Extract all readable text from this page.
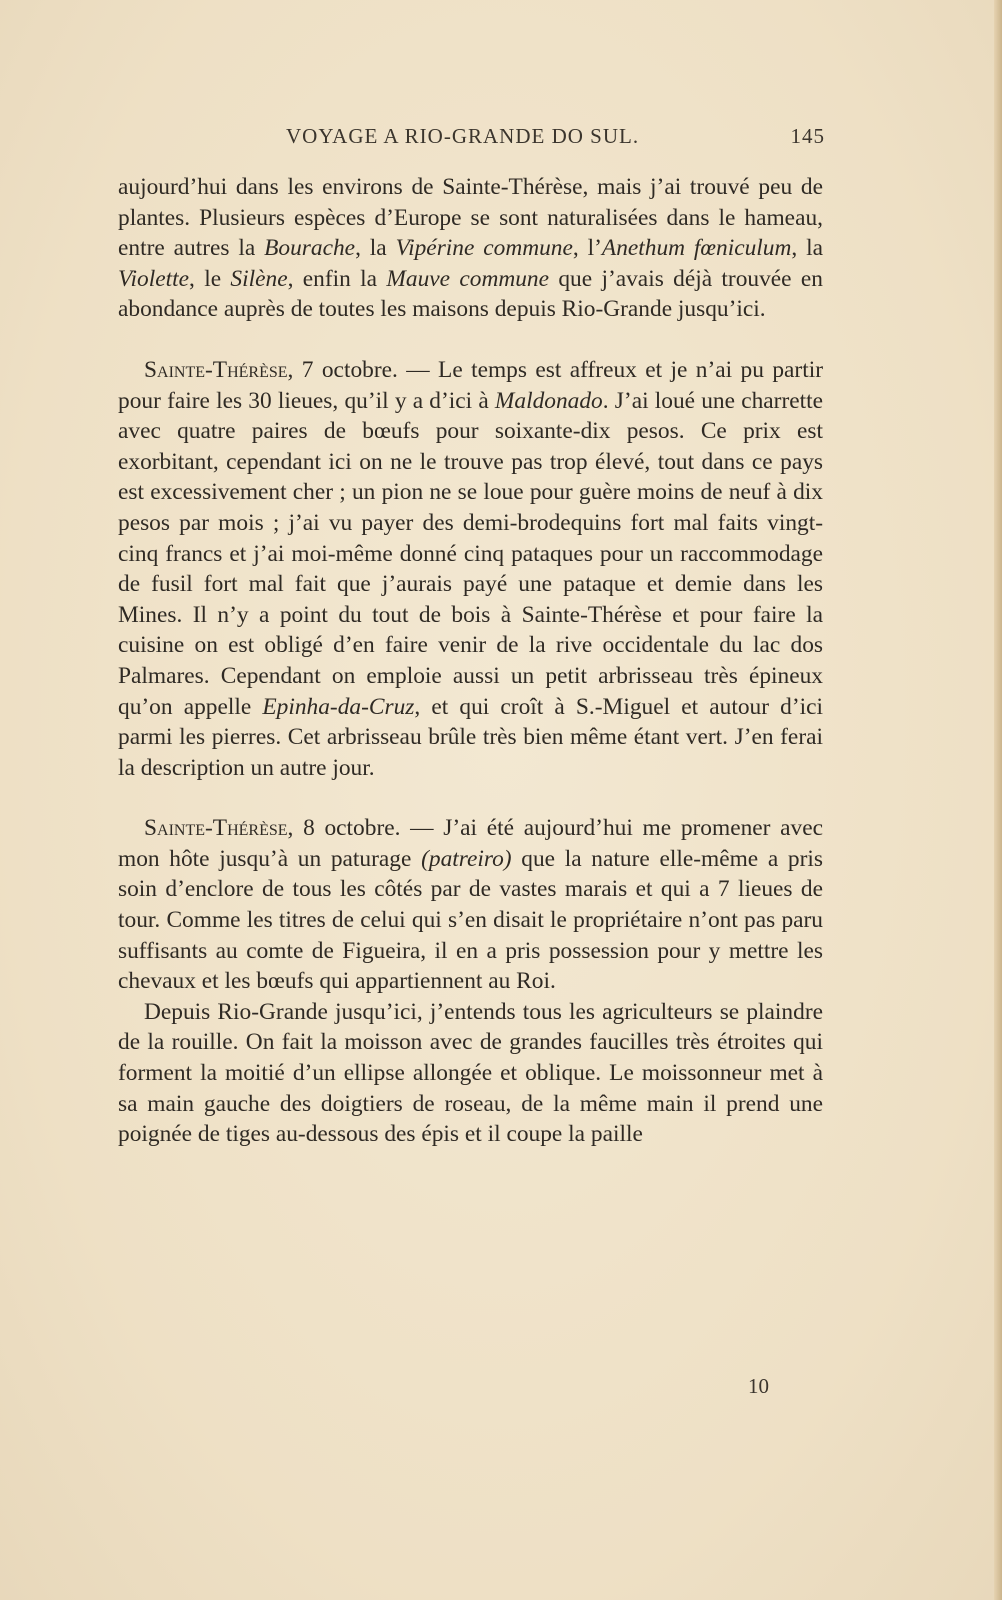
VOYAGE A RIO-GRANDE DO SUL.	145

aujourd’hui dans les environs de Sainte-Thérèse, mais j’ai trouvé peu de plantes. Plusieurs espèces d’Europe se sont naturalisées dans le hameau, entre autres la Bourache, la Vipérine commune, l’Anethum fœniculum, la Violette, le Silène, enfin la Mauve commune que j’avais déjà trouvée en abondance auprès de toutes les maisons depuis Rio-Grande jusqu’ici.

Sainte-Thérèse, 7 octobre. — Le temps est affreux et je n’ai pu partir pour faire les 30 lieues, qu’il y a d’ici à Maldonado. J’ai loué une charrette avec quatre paires de bœufs pour soixante-dix pesos. Ce prix est exorbitant, cependant ici on ne le trouve pas trop élevé, tout dans ce pays est excessivement cher ; un pion ne se loue pour guère moins de neuf à dix pesos par mois ; j’ai vu payer des demi-brodequins fort mal faits vingt-cinq francs et j’ai moi-même donné cinq pataques pour un raccommodage de fusil fort mal fait que j’aurais payé une pataque et demie dans les Mines. Il n’y a point du tout de bois à Sainte-Thérèse et pour faire la cuisine on est obligé d’en faire venir de la rive occidentale du lac dos Palmares. Cependant on emploie aussi un petit arbrisseau très épineux qu’on appelle Epinha-da-Cruz, et qui croît à S.-Miguel et autour d’ici parmi les pierres. Cet arbrisseau brûle très bien même étant vert. J’en ferai la description un autre jour.

Sainte-Thérèse, 8 octobre. — J’ai été aujourd’hui me promener avec mon hôte jusqu’à un paturage (patreiro) que la nature elle-même a pris soin d’enclore de tous les côtés par de vastes marais et qui a 7 lieues de tour. Comme les titres de celui qui s’en disait le propriétaire n’ont pas paru suffisants au comte de Figueira, il en a pris possession pour y mettre les chevaux et les bœufs qui appartiennent au Roi.

Depuis Rio-Grande jusqu’ici, j’entends tous les agriculteurs se plaindre de la rouille. On fait la moisson avec de grandes faucilles très étroites qui forment la moitié d’un ellipse allongée et oblique. Le moissonneur met à sa main gauche des doigtiers de roseau, de la même main il prend une poignée de tiges au-dessous des épis et il coupe la paille

10
